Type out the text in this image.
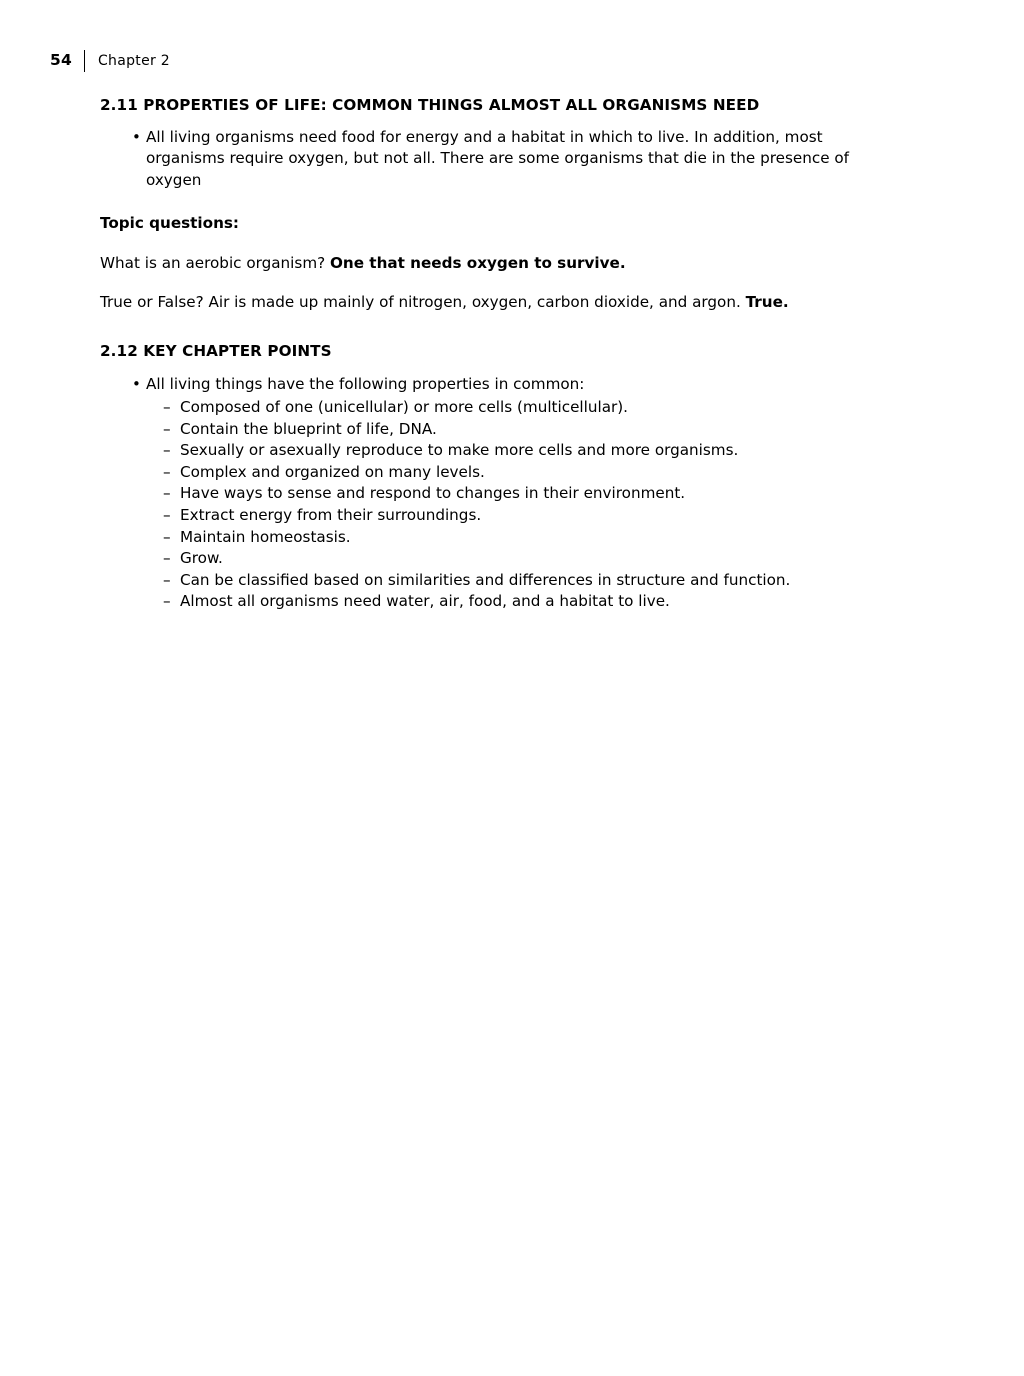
54	Chapter 2
2.11 PROPERTIES OF LIFE: COMMON THINGS ALMOST ALL ORGANISMS NEED
• All living organisms need food for energy and a habitat in which to live. In addition, most organisms require oxygen, but not all. There are some organisms that die in the presence of oxygen

Topic questions:

What is an aerobic organism? One that needs oxygen to survive.

True or False? Air is made up mainly of nitrogen, oxygen, carbon dioxide, and argon. True.

2.12 KEY CHAPTER POINTS
• All living things have the following properties in common:
– Composed of one (unicellular) or more cells (multicellular).
– Contain the blueprint of life, DNA.
– Sexually or asexually reproduce to make more cells and more organisms.
– Complex and organized on many levels.
– Have ways to sense and respond to changes in their environment.
– Extract energy from their surroundings.
– Maintain homeostasis.
– Grow.
– Can be classified based on similarities and differences in structure and function.
– Almost all organisms need water, air, food, and a habitat to live.
